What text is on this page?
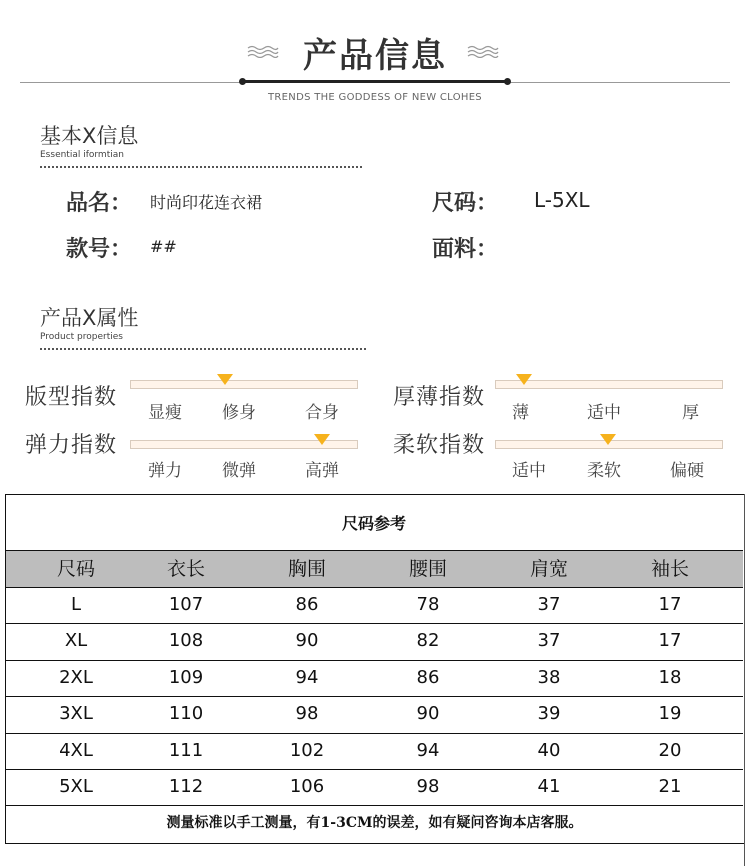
产品信息
TRENDS THE GODDESS OF NEW CLOHES
基本X信息
Essential iformtian
品名： 时尚印花连衣裙	尺码： L-5XL
款号： ##	面料：
产品X属性
Product properties
版型指数
显瘦 修身	合身
厚薄指数
薄	适中	厚
弹力指数
弹力 微弹	高弹
柔软指数
适中 柔软	偏硬
尺码参考
尺码	衣长	胸围	腰围	肩宽	袖长
L	107	86	78	37	17
XL	108	90	82	37	17
2XL	109	94	86	38	18
3XL	110	98	90	39	19
4XL	111	102	94	40	20
5XL	112	106	98	41	21
测量标准以手工测量，有1-3CM的误差，如有疑问咨询本店客服。
